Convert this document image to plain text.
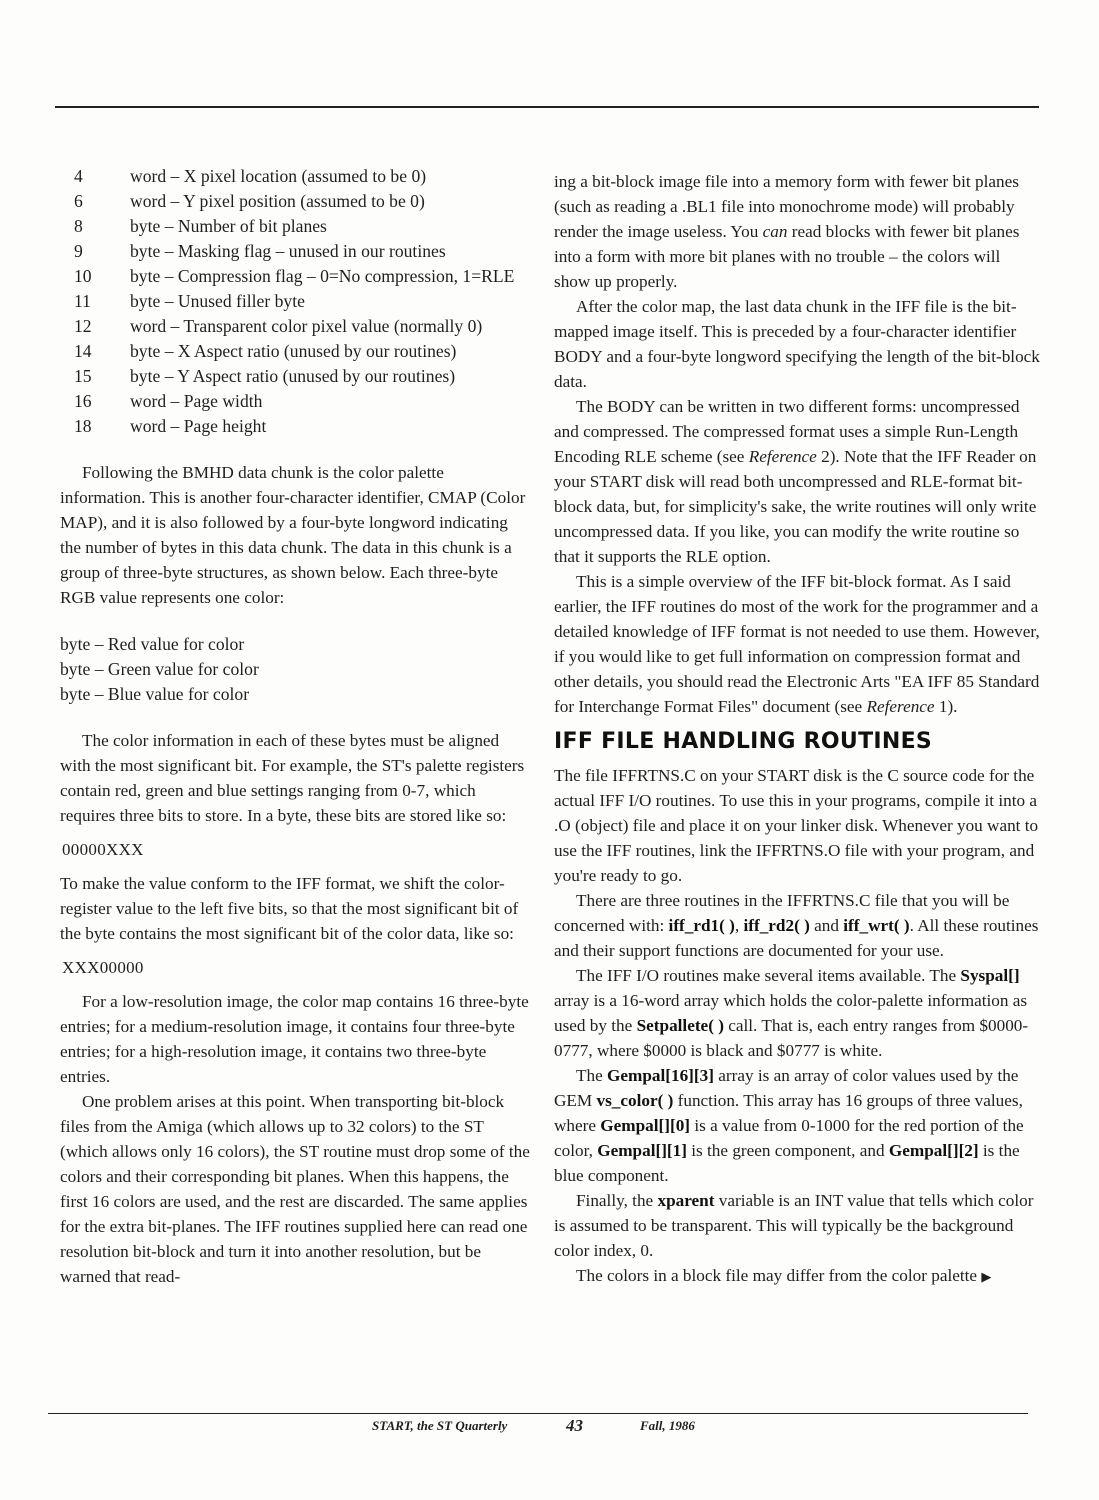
4	word – X pixel location (assumed to be 0)
6	word – Y pixel position (assumed to be 0)
8	byte – Number of bit planes
9	byte – Masking flag – unused in our routines
10	byte – Compression flag – 0=No compression, 1=RLE
11	byte – Unused filler byte
12	word – Transparent color pixel value (normally 0)
14	byte – X Aspect ratio (unused by our routines)
15	byte – Y Aspect ratio (unused by our routines)
16	word – Page width
18	word – Page height

Following the BMHD data chunk is the color palette information. This is another four-character identifier, CMAP (Color MAP), and it is also followed by a four-byte longword indicating the number of bytes in this data chunk. The data in this chunk is a group of three-byte structures, as shown below. Each three-byte RGB value represents one color:

byte – Red value for color
byte – Green value for color
byte – Blue value for color

The color information in each of these bytes must be aligned with the most significant bit. For example, the ST's palette registers contain red, green and blue settings ranging from 0-7, which requires three bits to store. In a byte, these bits are stored like so:

00000XXX

To make the value conform to the IFF format, we shift the color-register value to the left five bits, so that the most significant bit of the byte contains the most significant bit of the color data, like so:

XXX00000

For a low-resolution image, the color map contains 16 three-byte entries; for a medium-resolution image, it contains four three-byte entries; for a high-resolution image, it contains two three-byte entries.

One problem arises at this point. When transporting bit-block files from the Amiga (which allows up to 32 colors) to the ST (which allows only 16 colors), the ST routine must drop some of the colors and their corresponding bit planes. When this happens, the first 16 colors are used, and the rest are discarded. The same applies for the extra bit-planes. The IFF routines supplied here can read one resolution bit-block and turn it into another resolution, but be warned that read-

ing a bit-block image file into a memory form with fewer bit planes (such as reading a .BL1 file into monochrome mode) will probably render the image useless. You can read blocks with fewer bit planes into a form with more bit planes with no trouble – the colors will show up properly.

After the color map, the last data chunk in the IFF file is the bit-mapped image itself. This is preceded by a four-character identifier BODY and a four-byte longword specifying the length of the bit-block data.

The BODY can be written in two different forms: uncompressed and compressed. The compressed format uses a simple Run-Length Encoding RLE scheme (see Reference 2). Note that the IFF Reader on your START disk will read both uncompressed and RLE-format bit-block data, but, for simplicity's sake, the write routines will only write uncompressed data. If you like, you can modify the write routine so that it supports the RLE option.

This is a simple overview of the IFF bit-block format. As I said earlier, the IFF routines do most of the work for the programmer and a detailed knowledge of IFF format is not needed to use them. However, if you would like to get full information on compression format and other details, you should read the Electronic Arts "EA IFF 85 Standard for Interchange Format Files" document (see Reference 1).

IFF FILE HANDLING ROUTINES

The file IFFRTNS.C on your START disk is the C source code for the actual IFF I/O routines. To use this in your programs, compile it into a .O (object) file and place it on your linker disk. Whenever you want to use the IFF routines, link the IFFRTNS.O file with your program, and you're ready to go.

There are three routines in the IFFRTNS.C file that you will be concerned with: iff_rd1( ), iff_rd2( ) and iff_wrt( ). All these routines and their support functions are documented for your use.

The IFF I/O routines make several items available. The Syspal[] array is a 16-word array which holds the color-palette information as used by the Setpallete( ) call. That is, each entry ranges from $0000-0777, where $0000 is black and $0777 is white.

The Gempal[16][3] array is an array of color values used by the GEM vs_color( ) function. This array has 16 groups of three values, where Gempal[][0] is a value from 0-1000 for the red portion of the color, Gempal[][1] is the green component, and Gempal[][2] is the blue component.

Finally, the xparent variable is an INT value that tells which color is assumed to be transparent. This will typically be the background color index, 0.

The colors in a block file may differ from the color palette ▶

START, the ST Quarterly	43	Fall, 1986
